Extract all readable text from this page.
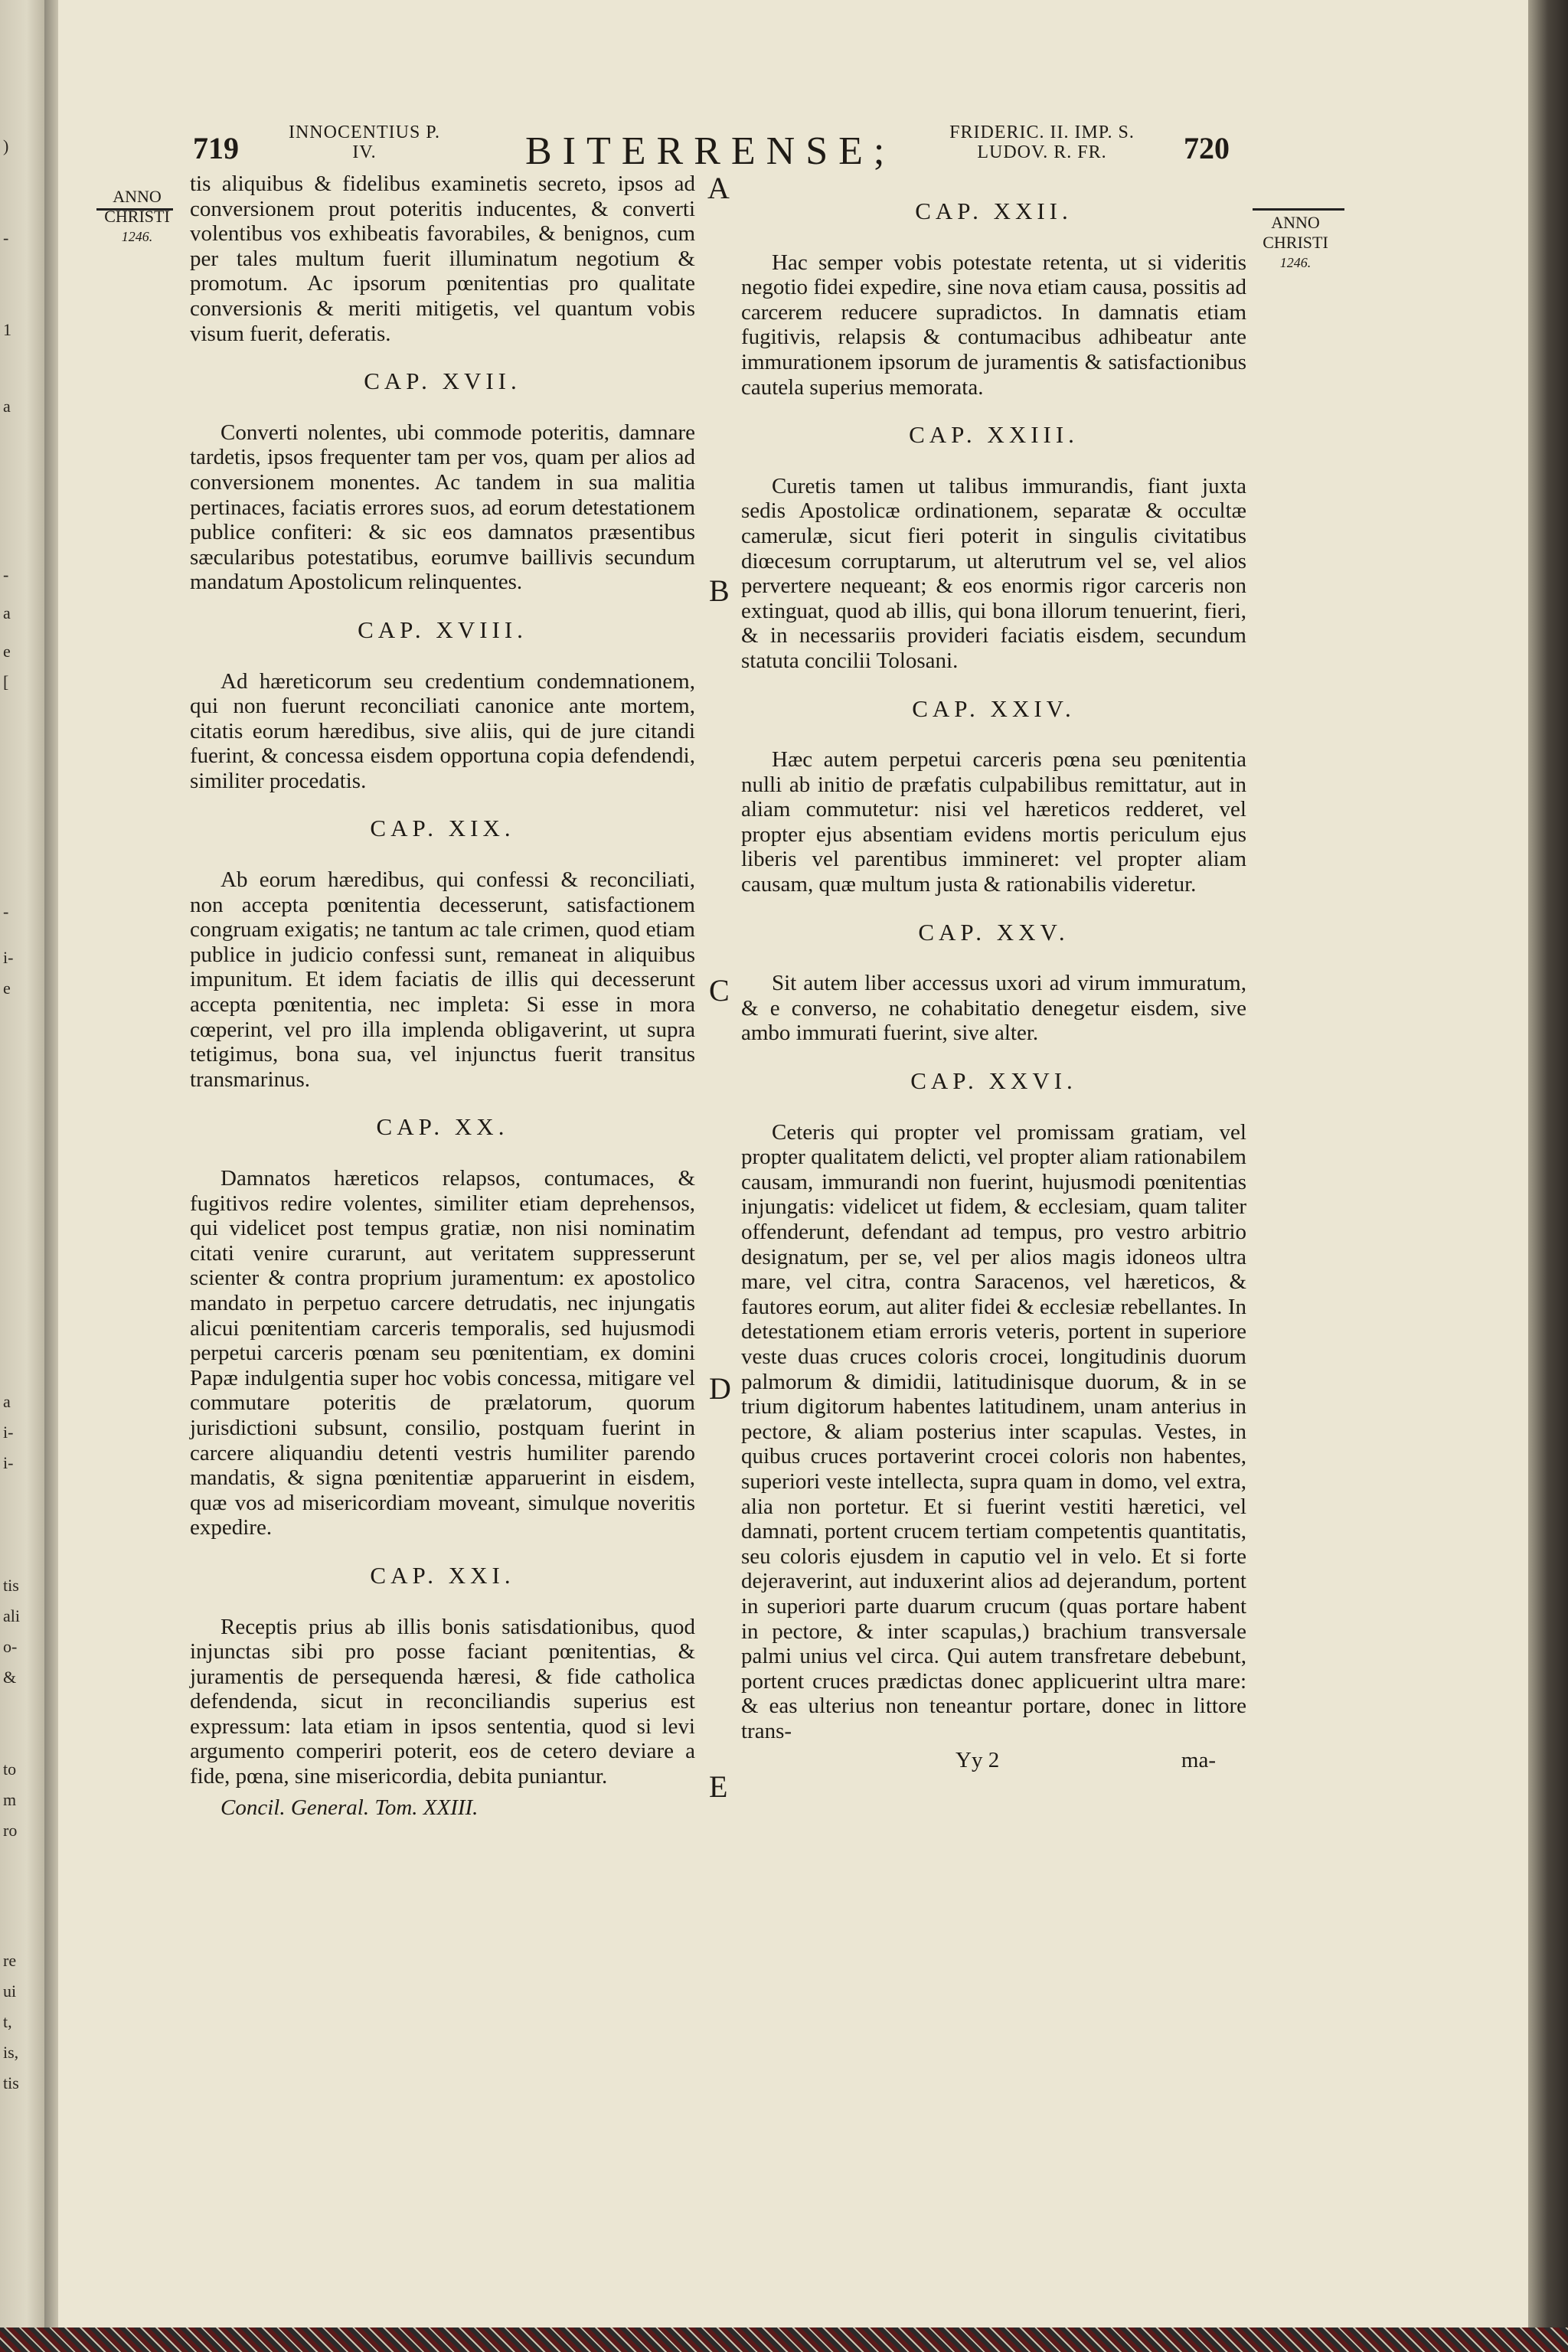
)
-
1
a
-
a
e
[
-
i-
e
a
i-
i-
tis
ali
o-
&
to
m
ro
re
ui
t,
is,
tis
719	INNOCENTIUS P. IV.	BITERRENSE;	FRIDERIC. II. IMP. S. LUDOV. R. FR.	720
ANNO CHRISTI
1246.
ANNO CHRISTI
1246.
A
B
C
D
E

tis aliquibus & fidelibus examinetis secreto, ipsos ad conversionem prout poteritis inducentes, & converti volentibus vos exhibeatis favorabiles, & benignos, cum per tales multum fuerit illuminatum negotium & promotum. Ac ipsorum pœnitentias pro qualitate conversionis & meriti mitigetis, vel quantum vobis visum fuerit, deferatis.

CAP. XVII.

Converti nolentes, ubi commode poteritis, damnare tardetis, ipsos frequenter tam per vos, quam per alios ad conversionem monentes. Ac tandem in sua malitia pertinaces, faciatis errores suos, ad eorum detestationem publice confiteri: & sic eos damnatos præsentibus sæcularibus potestatibus, eorumve baillivis secundum mandatum Apostolicum relinquentes.

CAP. XVIII.

Ad hæreticorum seu credentium condemnationem, qui non fuerunt reconciliati canonice ante mortem, citatis eorum hæredibus, sive aliis, qui de jure citandi fuerint, & concessa eisdem opportuna copia defendendi, similiter procedatis.

CAP. XIX.

Ab eorum hæredibus, qui confessi & reconciliati, non accepta pœnitentia decesserunt, satisfactionem congruam exigatis; ne tantum ac tale crimen, quod etiam publice in judicio confessi sunt, remaneat in aliquibus impunitum. Et idem faciatis de illis qui decesserunt accepta pœnitentia, nec impleta: Si esse in mora cœperint, vel pro illa implenda obligaverint, ut supra tetigimus, bona sua, vel injunctus fuerit transitus transmarinus.

CAP. XX.

Damnatos hæreticos relapsos, contumaces, & fugitivos redire volentes, similiter etiam deprehensos, qui videlicet post tempus gratiæ, non nisi nominatim citati venire curarunt, aut veritatem suppresserunt scienter & contra proprium juramentum: ex apostolico mandato in perpetuo carcere detrudatis, nec injungatis alicui pœnitentiam carceris temporalis, sed hujusmodi perpetui carceris pœnam seu pœnitentiam, ex domini Papæ indulgentia super hoc vobis concessa, mitigare vel commutare poteritis de prælatorum, quorum jurisdictioni subsunt, consilio, postquam fuerint in carcere aliquandiu detenti vestris humiliter parendo mandatis, & signa pœnitentiæ apparuerint in eisdem, quæ vos ad misericordiam moveant, simulque noveritis expedire.

CAP. XXI.

Receptis prius ab illis bonis satisdationibus, quod injunctas sibi pro posse faciant pœnitentias, & juramentis de persequenda hæresi, & fide catholica defendenda, sicut in reconciliandis superius est expressum: lata etiam in ipsos sententia, quod si levi argumento comperiri poterit, eos de cetero deviare a fide, pœna, sine misericordia, debita puniantur.

Concil. General. Tom. XXIII.
CAP. XXII.

Hac semper vobis potestate retenta, ut si videritis negotio fidei expedire, sine nova etiam causa, possitis ad carcerem reducere supradictos. In damnatis etiam fugitivis, relapsis & contumacibus adhibeatur ante immurationem ipsorum de juramentis & satisfactionibus cautela superius memorata.

CAP. XXIII.

Curetis tamen ut talibus immurandis, fiant juxta sedis Apostolicæ ordinationem, separatæ & occultæ camerulæ, sicut fieri poterit in singulis civitatibus diœcesum corruptarum, ut alterutrum vel se, vel alios pervertere nequeant; & eos enormis rigor carceris non extinguat, quod ab illis, qui bona illorum tenuerint, fieri, & in necessariis provideri faciatis eisdem, secundum statuta concilii Tolosani.

CAP. XXIV.

Hæc autem perpetui carceris pœna seu pœnitentia nulli ab initio de præfatis culpabilibus remittatur, aut in aliam commutetur: nisi vel hæreticos redderet, vel propter ejus absentiam evidens mortis periculum ejus liberis vel parentibus immineret: vel propter aliam causam, quæ multum justa & rationabilis videretur.

CAP. XXV.

Sit autem liber accessus uxori ad virum immuratum, & e converso, ne cohabitatio denegetur eisdem, sive ambo immurati fuerint, sive alter.

CAP. XXVI.

Ceteris qui propter vel promissam gratiam, vel propter qualitatem delicti, vel propter aliam rationabilem causam, immurandi non fuerint, hujusmodi pœnitentias injungatis: videlicet ut fidem, & ecclesiam, quam taliter offenderunt, defendant ad tempus, pro vestro arbitrio designatum, per se, vel per alios magis idoneos ultra mare, vel citra, contra Saracenos, vel hæreticos, & fautores eorum, aut aliter fidei & ecclesiæ rebellantes. In detestationem etiam erroris veteris, portent in superiore veste duas cruces coloris crocei, longitudinis duorum palmorum & dimidii, latitudinisque duorum, & in se trium digitorum habentes latitudinem, unam anterius in pectore, & aliam posterius inter scapulas. Vestes, in quibus cruces portaverint crocei coloris non habentes, superiori veste intellecta, supra quam in domo, vel extra, alia non portetur. Et si fuerint vestiti hæretici, vel damnati, portent crucem tertiam competentis quantitatis, seu coloris ejusdem in caputio vel in velo. Et si forte dejeraverint, aut induxerint alios ad dejerandum, portent in superiori parte duarum crucum (quas portare habent in pectore, & inter scapulas,) brachium transversale palmi unius vel circa. Qui autem transfretare debebunt, portent cruces prædictas donec applicuerint ultra mare: & eas ulterius non teneantur portare, donec in littore trans-

Yy 2	ma-
